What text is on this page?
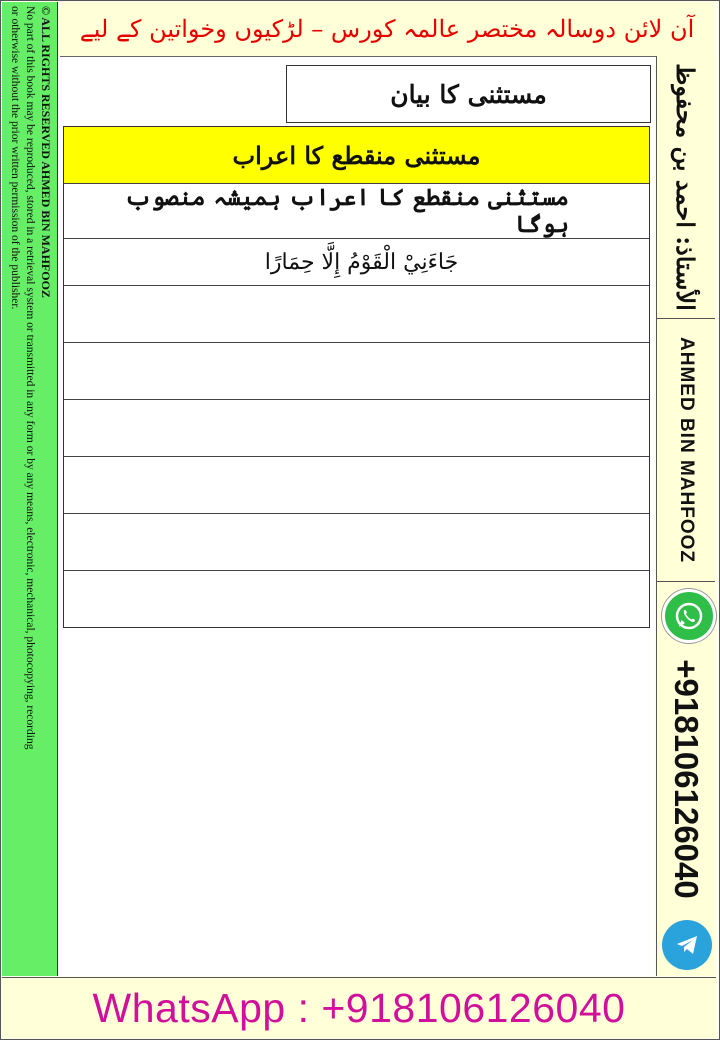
آن لائن دوسالہ مختصر عالمہ کورس – لڑکیوں وخواتین کے لیے
© ALL RIGHTS RESERVED AHMED BIN MAHFOOZ
No part of this book may be reproduced, stored in a retrieval system or transmitted in any form or by any means, electronic, mechanical, photocopying, recording
or otherwise without the prior written permission of the publisher.	الأستاذ: احمد بن محفوظ
AHMED BIN MAHFOOZ
+918106126040
مستثنی کا بیان
مستثنی منقطع کا اعراب
مستثنی منقطع کا اعراب ہمیشہ منصوب ہوگا
جَاءَنِيْ الْقَوْمُ إِلَّا حِمَارًا
WhatsApp : +918106126040
